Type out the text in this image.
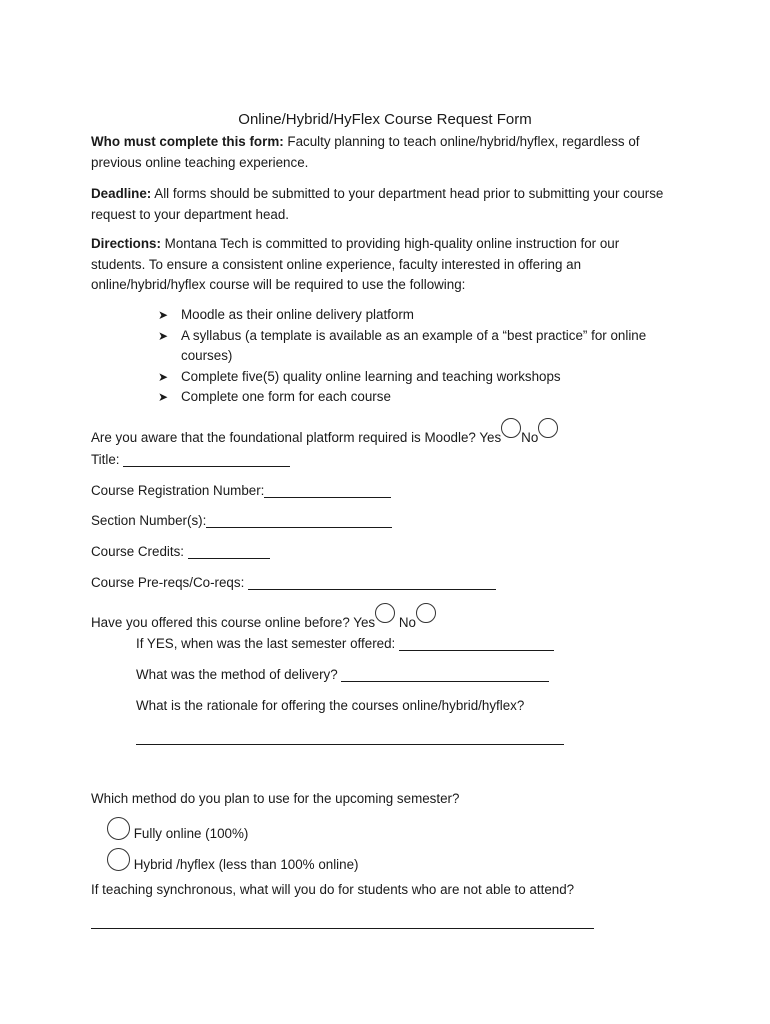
Online/Hybrid/HyFlex Course Request Form
Who must complete this form: Faculty planning to teach online/hybrid/hyflex, regardless of previous online teaching experience.
Deadline: All forms should be submitted to your department head prior to submitting your course request to your department head.
Directions: Montana Tech is committed to providing high-quality online instruction for our students. To ensure a consistent online experience, faculty interested in offering an online/hybrid/hyflex course will be required to use the following:
➤ Moodle as their online delivery platform
➤ A syllabus (a template is available as an example of a “best practice” for online courses)
➤ Complete five(5) quality online learning and teaching workshops
➤ Complete one form for each course
Are you aware that the foundational platform required is Moodle? Yes No
Title:
Course Registration Number:
Section Number(s):
Course Credits:
Course Pre-reqs/Co-reqs:
Have you offered this course online before? Yes No
If YES, when was the last semester offered:
What was the method of delivery?
What is the rationale for offering the courses online/hybrid/hyflex?
Which method do you plan to use for the upcoming semester?
Fully online (100%)
Hybrid /hyflex (less than 100% online)
If teaching synchronous, what will you do for students who are not able to attend?
